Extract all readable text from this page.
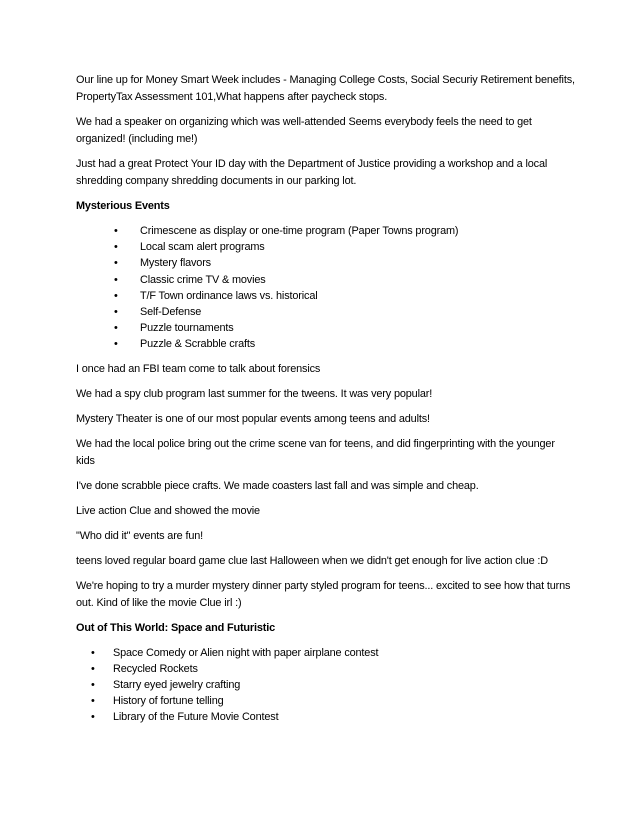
Our line up for Money Smart Week includes - Managing College Costs, Social Securiy Retirement benefits, PropertyTax Assessment 101,What happens after paycheck stops.

We had a speaker on organizing which was well-attended Seems everybody feels the need to get organized! (including me!)

Just had a great Protect Your ID day with the Department of Justice providing a workshop and a local shredding company shredding documents in our parking lot.

Mysterious Events

• Crimescene as display or one-time program (Paper Towns program)
• Local scam alert programs
• Mystery flavors
• Classic crime TV & movies
• T/F Town ordinance laws vs. historical
• Self-Defense
• Puzzle tournaments
• Puzzle & Scrabble crafts

I once had an FBI team come to talk about forensics

We had a spy club program last summer for the tweens. It was very popular!

Mystery Theater is one of our most popular events among teens and adults!

We had the local police bring out the crime scene van for teens, and did fingerprinting with the younger kids

I've done scrabble piece crafts. We made coasters last fall and was simple and cheap.

Live action Clue and showed the movie

"Who did it" events are fun!

teens loved regular board game clue last Halloween when we didn't get enough for live action clue :D

We're hoping to try a murder mystery dinner party styled program for teens... excited to see how that turns out. Kind of like the movie Clue irl :)

Out of This World: Space and Futuristic

• Space Comedy or Alien night with paper airplane contest
• Recycled Rockets
• Starry eyed jewelry crafting
• History of fortune telling
• Library of the Future Movie Contest
